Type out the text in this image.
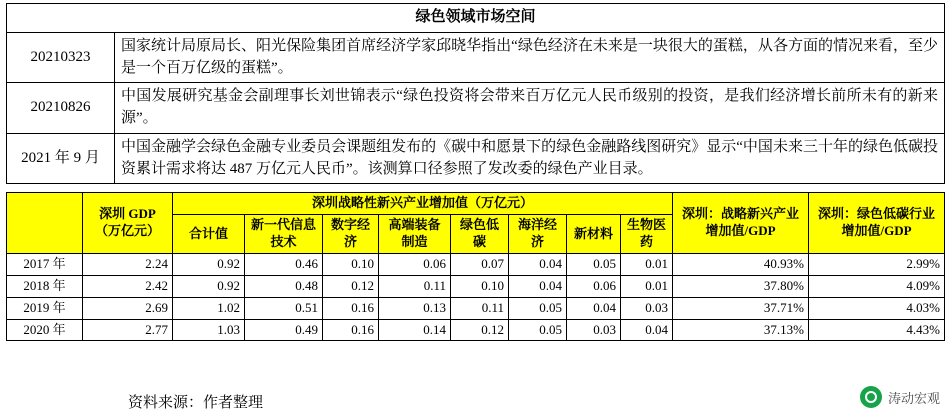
绿色领域市场空间	
20210323	国家统计局原局长、阳光保险集团首席经济学家邱晓华指出“绿色经济在未来是一块很大的蛋糕，从各方面的情况来看，至少是一个百万亿级的蛋糕”。
20210826	中国发展研究基金会副理事长刘世锦表示“绿色投资将会带来百万亿元人民币级别的投资，是我们经济增长前所未有的新来源”。
2021 年 9 月	中国金融学会绿色金融专业委员会课题组发布的《碳中和愿景下的绿色金融路线图研究》显示“中国未来三十年的绿色低碳投资累计需求将达 487 万亿元人民币”。该测算口径参照了发改委的绿色产业目录。
	深圳 GDP（万亿元）	深圳战略性新兴产业增加值（万亿元）								深圳：战略新兴产业增加值/GDP	深圳：绿色低碳行业增加值/GDP
		合计值	新一代信息技术	数字经济	高端装备制造	绿色低碳	海洋经济	新材料	生物医药		
2017 年	2.24	0.92	0.46	0.10	0.06	0.07	0.04	0.05	0.01	40.93%	2.99%
2018 年	2.42	0.92	0.48	0.12	0.11	0.10	0.04	0.06	0.01	37.80%	4.09%
2019 年	2.69	1.02	0.51	0.16	0.13	0.11	0.05	0.04	0.03	37.71%	4.03%
2020 年	2.77	1.03	0.49	0.16	0.14	0.12	0.05	0.03	0.04	37.13%	4.43%
资料来源：作者整理	涛动宏观
